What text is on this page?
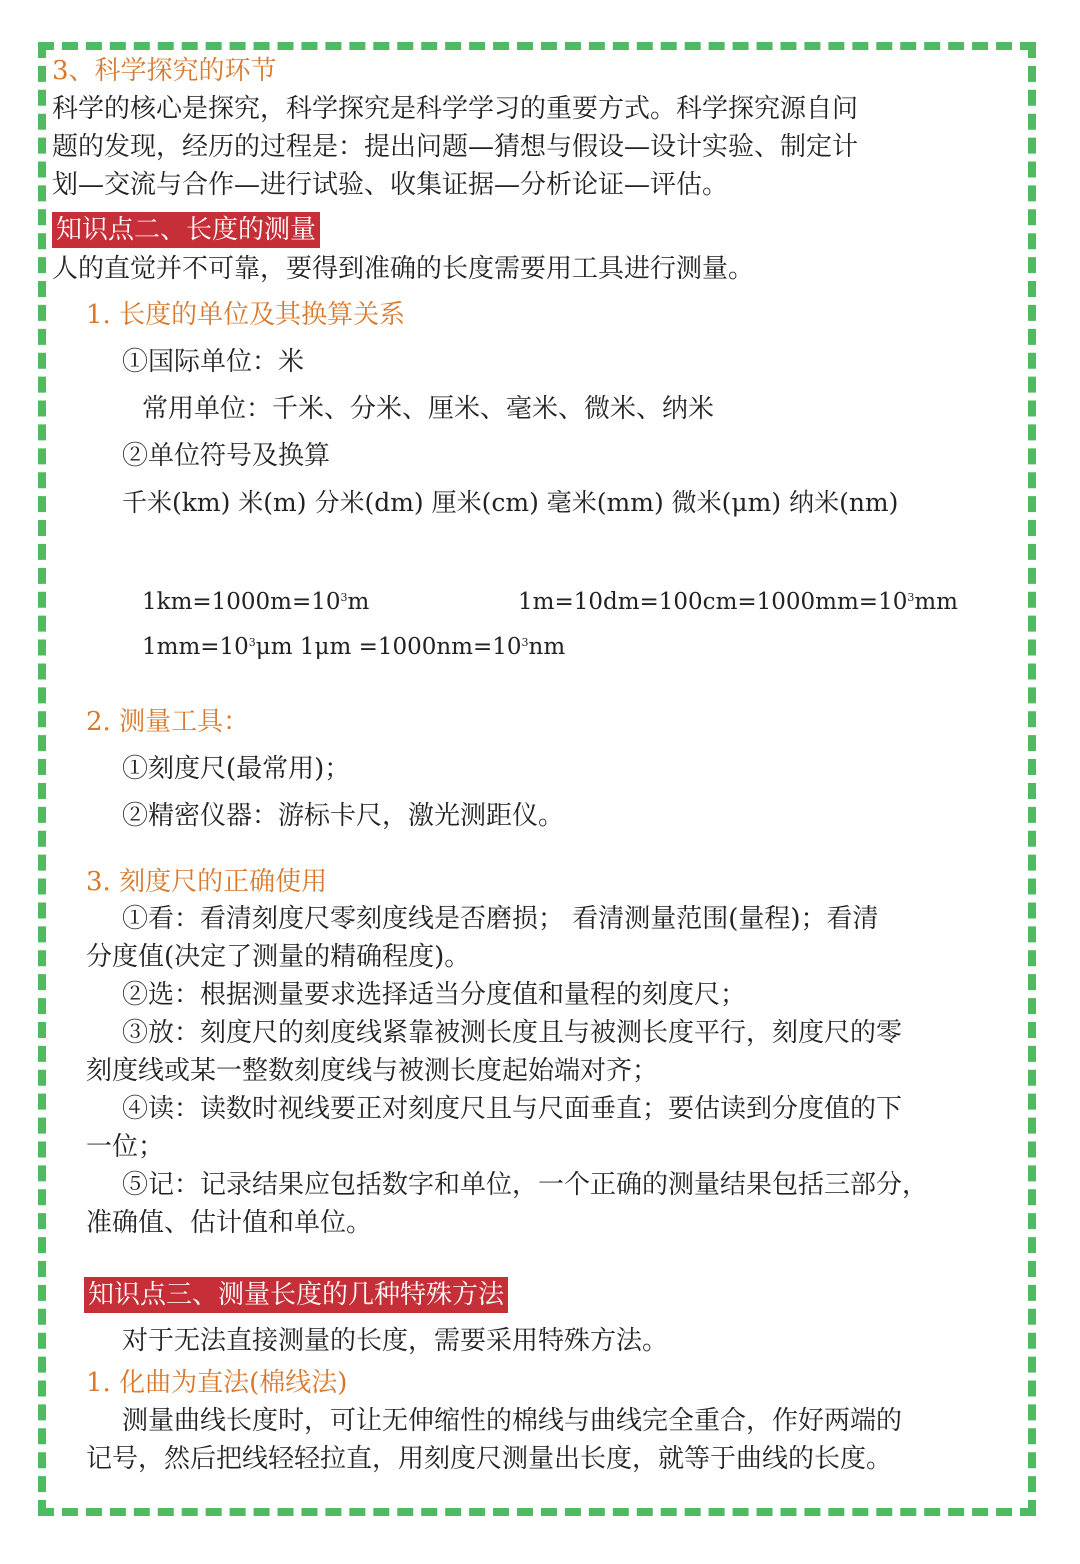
3、科学探究的环节
科学的核心是探究，科学探究是科学学习的重要方式。科学探究源自问
题的发现，经历的过程是：提出问题—猜想与假设—设计实验、制定计
划—交流与合作—进行试验、收集证据—分析论证—评估。
知识点二、长度的测量
人的直觉并不可靠，要得到准确的长度需要用工具进行测量。
1. 长度的单位及其换算关系
①国际单位：米
常用单位：千米、分米、厘米、毫米、微米、纳米
②单位符号及换算
千米(km) 米(m) 分米(dm) 厘米(cm) 毫米(mm) 微米(μm) 纳米(nm)
$1km=1000m=10^3m$	$1m=10dm=100cm=1000mm=10^3mm$
$1mm=10^3\mu m$ $1\mu m =1000nm=10^3nm$
2. 测量工具：
①刻度尺(最常用)；
②精密仪器：游标卡尺，激光测距仪。
3. 刻度尺的正确使用
①看：看清刻度尺零刻度线是否磨损； 看清测量范围(量程)；看清
分度值(决定了测量的精确程度)。
②选：根据测量要求选择适当分度值和量程的刻度尺；
③放：刻度尺的刻度线紧靠被测长度且与被测长度平行，刻度尺的零
刻度线或某一整数刻度线与被测长度起始端对齐；
④读：读数时视线要正对刻度尺且与尺面垂直；要估读到分度值的下
一位；
⑤记：记录结果应包括数字和单位，一个正确的测量结果包括三部分，
准确值、估计值和单位。
知识点三、测量长度的几种特殊方法
对于无法直接测量的长度，需要采用特殊方法。
1. 化曲为直法(棉线法)
测量曲线长度时，可让无伸缩性的棉线与曲线完全重合，作好两端的
记号，然后把线轻轻拉直，用刻度尺测量出长度，就等于曲线的长度。
